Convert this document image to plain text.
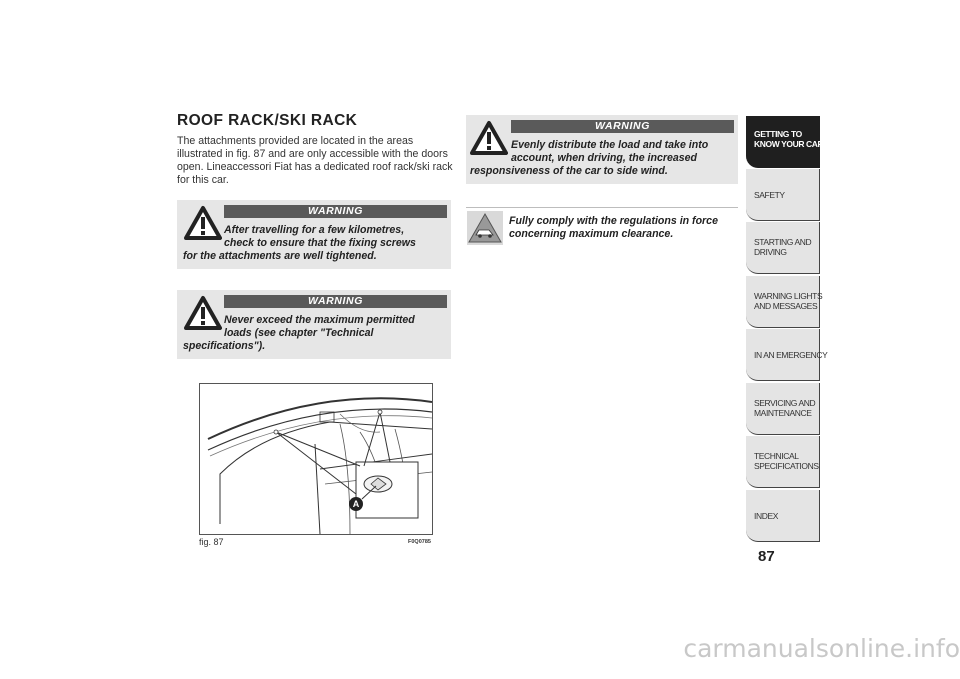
ROOF RACK/SKI RACK

The attachments provided are located in the areas illustrated in fig. 87 and are only accessible with the doors open. Lineaccessori Fiat has a dedicated roof rack/ski rack for this car.

WARNING
After travelling for a few kilometres,
check to ensure that the fixing screws
for the attachments are well tightened.
WARNING
Never exceed the maximum permitted
loads (see chapter "Technical
specifications").
A
fig. 87	F0Q0785
WARNING
Evenly distribute the load and take into
account, when driving, the increased
responsiveness of the car to side wind.
Fully comply with the regulations in force
concerning maximum clearance.
GETTING TO
KNOW YOUR CAR
SAFETY
STARTING AND
DRIVING
WARNING LIGHTS
AND MESSAGES
IN AN EMERGENCY
SERVICING AND
MAINTENANCE
TECHNICAL
SPECIFICATIONS
INDEX
87
carmanualsonline.info
